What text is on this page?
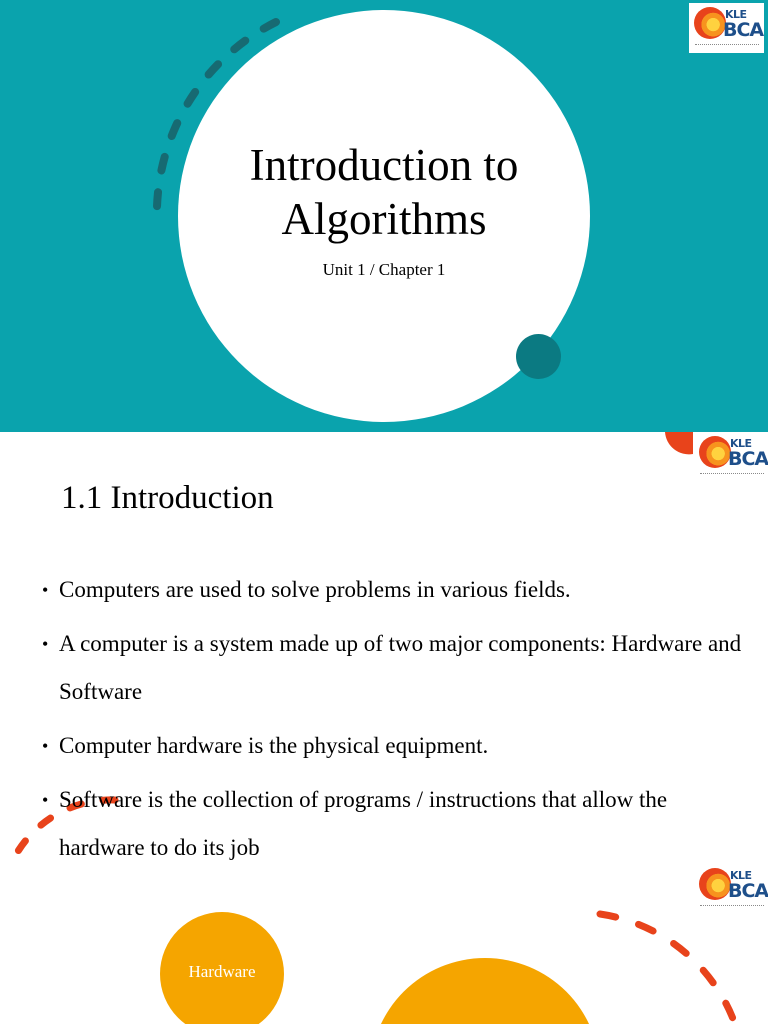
Introduction to Algorithms
Unit 1 / Chapter 1
KLE
BCA
KLE
BCA
1.1 Introduction
• Computers are used to solve problems in various fields.
• A computer is a system made up of two major components: Hardware and Software
• Computer hardware is the physical equipment.
• Software is the collection of programs / instructions that allow the hardware to do its job
KLE
BCA
Hardware
